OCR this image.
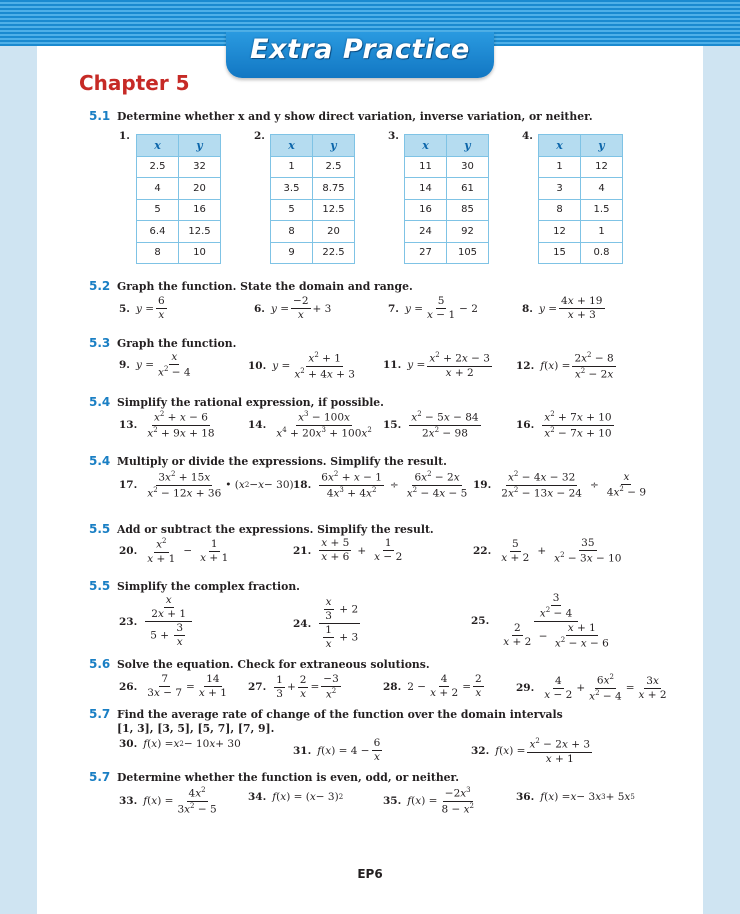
Extra Practice
Chapter 5
5.1 Determine whether x and y show direct variation, inverse variation, or neither.
1.
x	y
2.5	32
4	20
5	16
6.4	12.5
8	10
2.
x	y
1	2.5
3.5	8.75
5	12.5
8	20
9	22.5
3.
x	y
11	30
14	61
16	85
24	92
27	105
4.
x	y
1	12
3	4
8	1.5
12	1
15	0.8
5.2 Graph the function. State the domain and range.
5. $y = \frac{6}{x}$	6. $y = \frac{-2}{x} + 3$	7. $y = \frac{5}{x - 1} - 2$	8. $y = \frac{4x + 19}{x + 3}$
5.3 Graph the function.
9. $y = \frac{x}{x^2 - 4}$	10. $y = \frac{x^2 + 1}{x^2 + 4x + 3} 11$. $y = \frac{x^2 + 2x - 3}{x + 2} 12$. f ( x ) = $\frac{2x^2 - 8}{x^2 - 2x}$
5.4 Simplify the rational expression, if possible.
13. $\frac{x^2 + x - 6}{x^2 + 9x + 18}$	14. $\frac{x^3 - 100x}{x^4 + 20x^3 + 100x^2} 15$. $\frac{x^2 - 5x - 84}{2x^2 - 98}$	16. $\frac{x^2 + 7x + 10}{x^2 - 7x + 10}$
5.4 Multiply or divide the expressions. Simplify the result.
17. $\frac{3x^2 + 15x}{x^2 - 12x + 36}$ • ( x 2 − x − 30) 18. $\frac{6x^2 + x - 1}{4x^3 + 4x^2} \div \frac{6x^2 - 2x}{x^2 - 4x - 5} 19$. $\frac{x^2 - 4x - 32}{2x^2 - 13x - 24} \div \frac{x}{4x^2 - 9}$
5.5 Add or subtract the expressions. Simplify the result.
20. $\frac{x^2}{x + 1} - \frac{1}{x + 1}$	21. $\frac{x + 5}{x + 6} + \frac{1}{x - 2}$	22. $\frac{5}{x + 2} + \frac{35}{x^2 - 3x - 10}$
5.5 Simplify the complex fraction.
23. $\frac{\frac{x}{2x + 1}}{5 + \frac{3}{x}}$	24. $\frac{\frac{x}{3} + 2}{\frac{1}{x} + 3}$	25. $\frac{\frac{3}{x^2 - 4}}{\frac{2}{x + 2} - \frac{x + 1}{x^2 - x - 6}}$
5.6 Solve the equation. Check for extraneous solutions.
26. $\frac{7}{3x - 7} = \frac{14}{x + 1} 27$. $\frac{1}{3} + \frac{2}{x} = \frac{-3}{x^2}$	28. $2 - \frac{4}{x + 2} = \frac{2}{x}$	29. $\frac{4}{x - 2} + \frac{6x^2}{x^2 - 4} = \frac{3x}{x + 2}$
5.7 Find the average rate of change of the function over the domain intervals
[1, 3], [3, 5], [5, 7], [7, 9].
30. f ( x ) = x 2 − 10 x + 30
31. f ( x ) = $4 - \frac{6}{x}$	32. f ( x ) = $\frac{x^2 - 2x + 3}{x + 1}$
5.7 Determine whether the function is even, odd, or neither.
33. f ( x ) = $\frac{4x^2}{3x^2 - 5}$	34. f ( x ) = ( x − 3) 2	35. f ( x ) = $\frac{-2x^3}{8 - x^2}$	36. f ( x ) = x − 3 x 3 + 5 x 5
EP6
